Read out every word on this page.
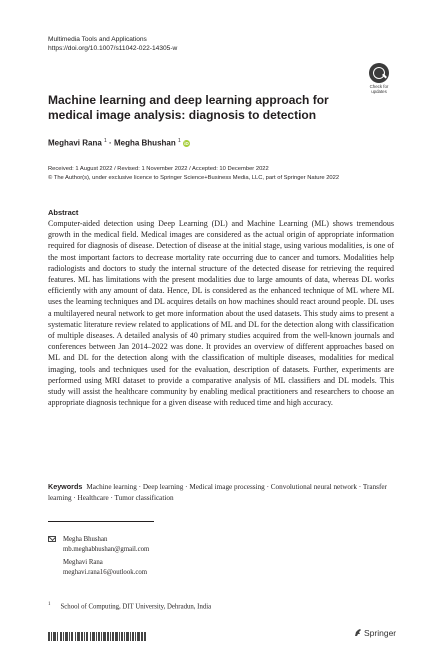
Multimedia Tools and Applications
https://doi.org/10.1007/s11042-022-14305-w
Check for
updates
Machine learning and deep learning approach for medical image analysis: diagnosis to detection
Meghavi Rana $^1$ · Megha Bhushan $^1$ iD
Received: 1 August 2022 / Revised: 1 November 2022 / Accepted: 10 December 2022
© The Author(s), under exclusive licence to Springer Science+Business Media, LLC, part of Springer Nature 2022
Abstract
Computer-aided detection using Deep Learning (DL) and Machine Learning (ML) shows tremendous growth in the medical field. Medical images are considered as the actual origin of appropriate information required for diagnosis of disease. Detection of disease at the initial stage, using various modalities, is one of the most important factors to decrease mortality rate occurring due to cancer and tumors. Modalities help radiologists and doctors to study the internal structure of the detected disease for retrieving the required features. ML has limitations with the present modalities due to large amounts of data, whereas DL works efficiently with any amount of data. Hence, DL is considered as the enhanced technique of ML where ML uses the learning techniques and DL acquires details on how machines should react around people. DL uses a multilayered neural network to get more information about the used datasets. This study aims to present a systematic literature review related to applications of ML and DL for the detection along with classification of multiple diseases. A detailed analysis of 40 primary studies acquired from the well-known journals and conferences between Jan 2014–2022 was done. It provides an overview of different approaches based on ML and DL for the detection along with the classification of multiple diseases, modalities for medical imaging, tools and techniques used for the evaluation, description of datasets. Further, experiments are performed using MRI dataset to provide a comparative analysis of ML classifiers and DL models. This study will assist the healthcare community by enabling medical practitioners and researchers to choose an appropriate diagnosis technique for a given disease with reduced time and high accuracy.
Keywords Machine learning · Deep learning · Medical image processing · Convolutional neural network · Transfer learning · Healthcare · Tumor classification
Megha Bhushan
mb.meghabhushan@gmail.com
Meghavi Rana
meghavi.rana16@outlook.com
$^1$ School of Computing, DIT University, Dehradun, India
Springer
